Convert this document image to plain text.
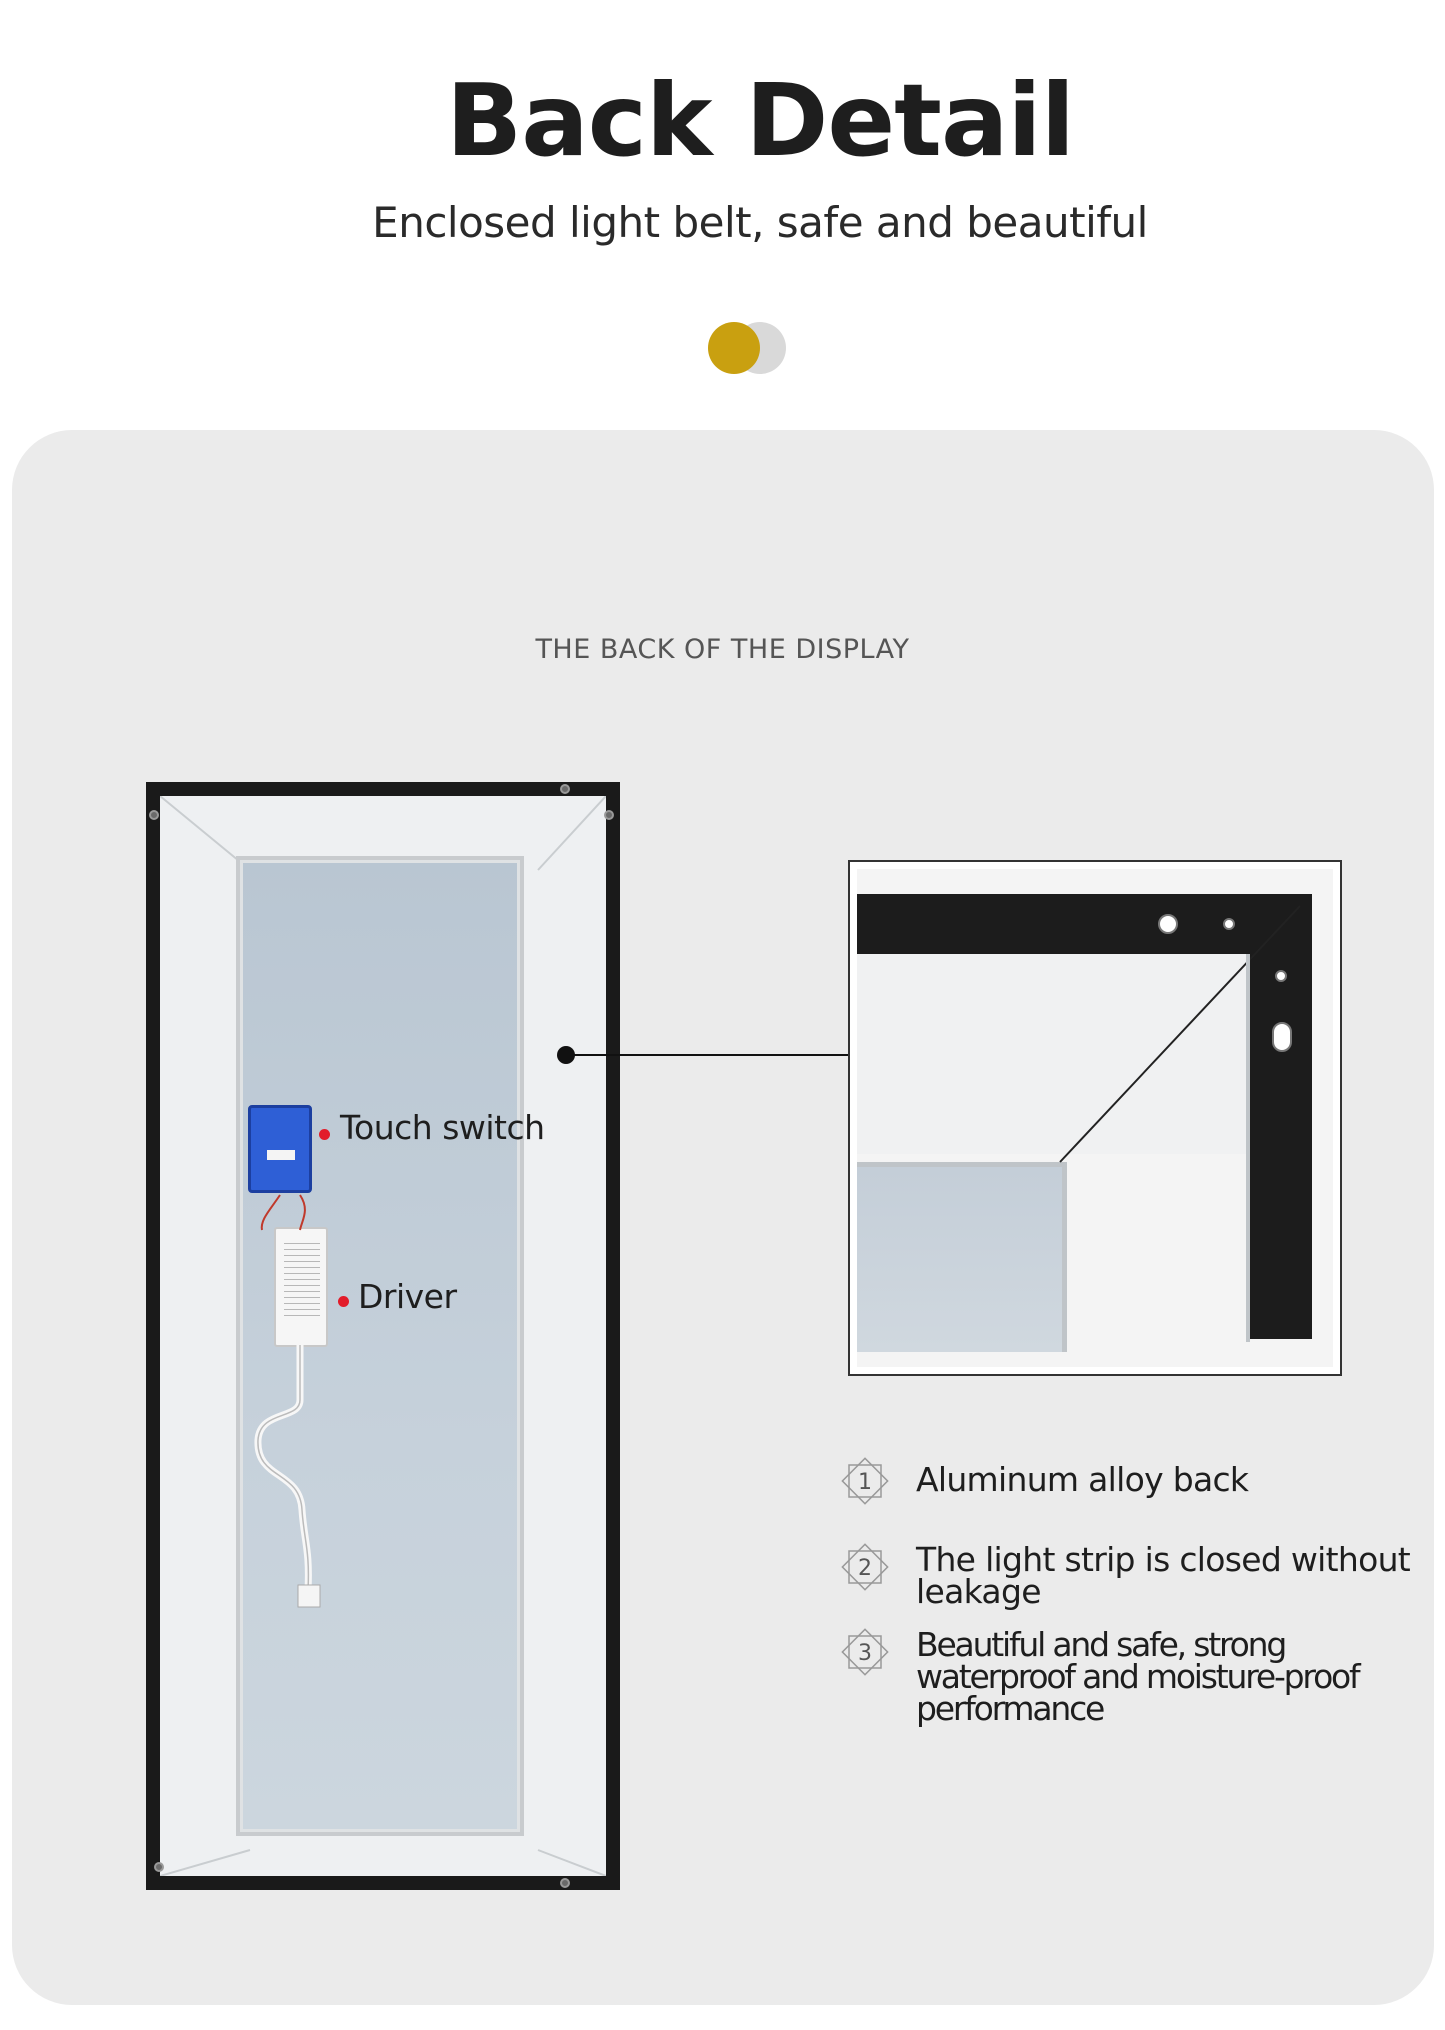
Back Detail
Enclosed light belt, safe and beautiful
THE BACK OF THE DISPLAY
Touch switch
Driver
1 Aluminum alloy back
2 The light strip is closed without leakage
3 Beautiful and safe, strong waterproof and moisture-proof performance
